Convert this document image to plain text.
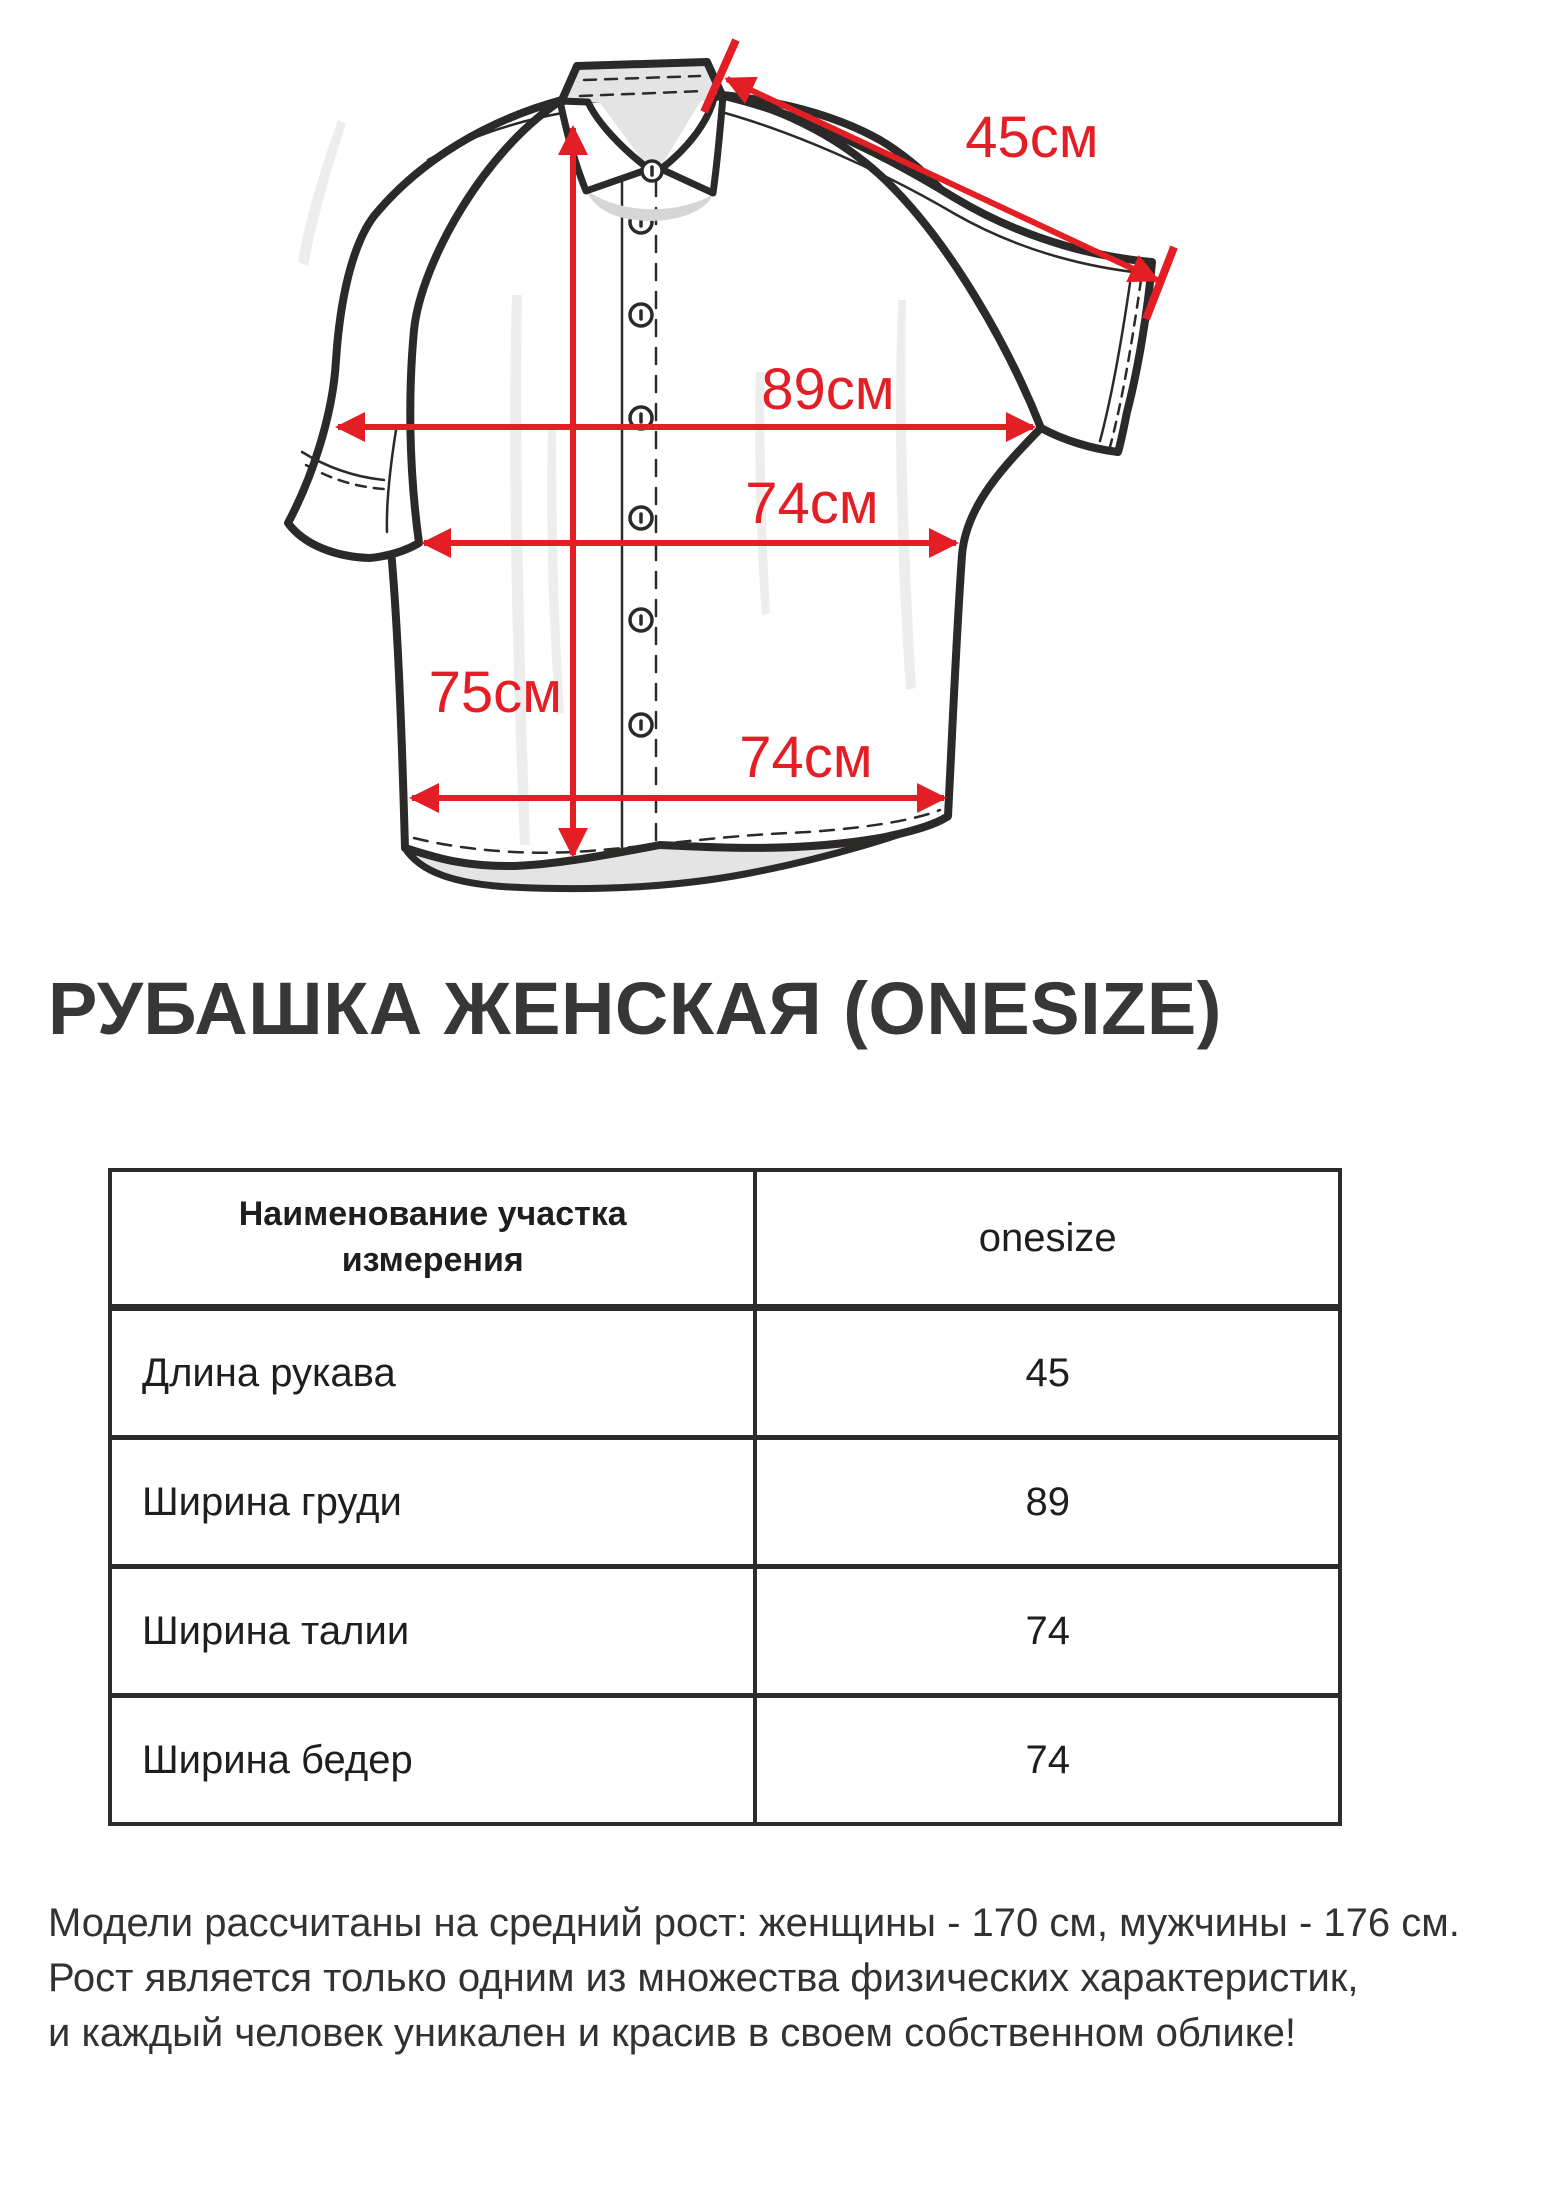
45см
89см
74см
75см
74см
РУБАШКА ЖЕНСКАЯ (ONESIZE)
Наименование участка
измерения	onesize
Длина рукава	45
Ширина груди	89
Ширина талии	74
Ширина бедер	74
Модели рассчитаны на средний рост: женщины - 170 см, мужчины - 176 см.
Рост является только одним из множества физических характеристик,
и каждый человек уникален и красив в своем собственном облике!
